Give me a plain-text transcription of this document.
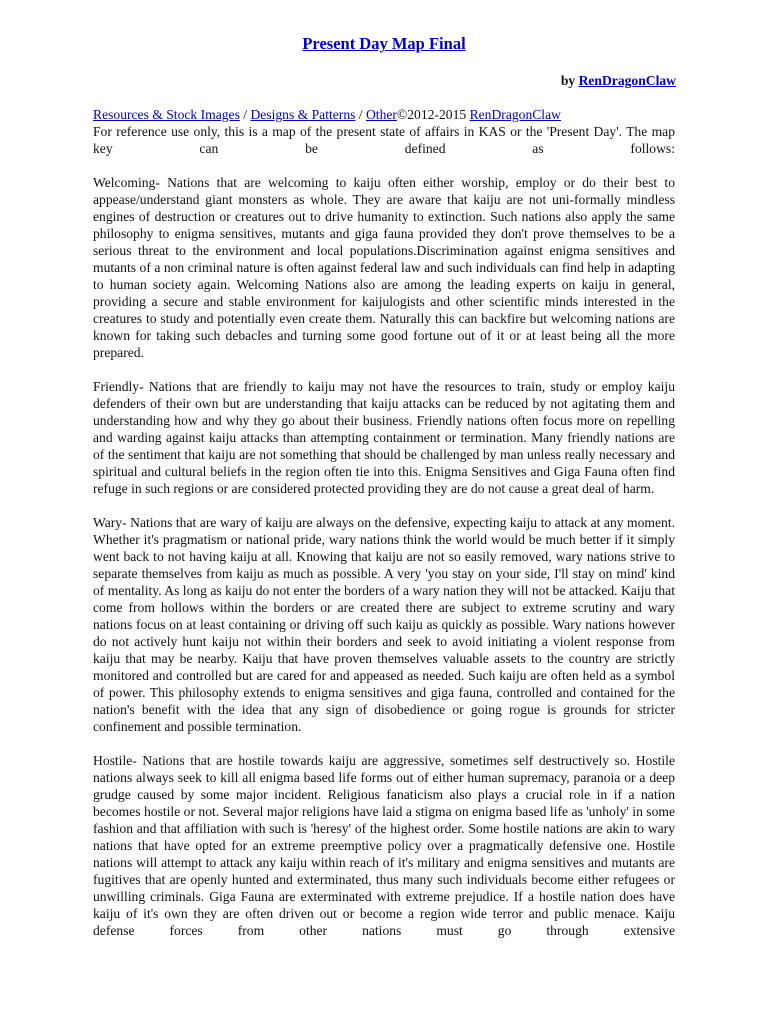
Present Day Map Final
by RenDragonClaw
Resources & Stock Images / Designs & Patterns / Other©2012-2015 RenDragonClaw

For reference use only, this is a map of the present state of affairs in KAS or the 'Present Day'. The map key can be defined as follows:

Welcoming- Nations that are welcoming to kaiju often either worship, employ or do their best to appease/understand giant monsters as whole. They are aware that kaiju are not uni-formally mindless engines of destruction or creatures out to drive humanity to extinction. Such nations also apply the same philosophy to enigma sensitives, mutants and giga fauna provided they don't prove themselves to be a serious threat to the environment and local populations.Discrimination against enigma sensitives and mutants of a non criminal nature is often against federal law and such individuals can find help in adapting to human society again. Welcoming Nations also are among the leading experts on kaiju in general, providing a secure and stable environment for kaijulogists and other scientific minds interested in the creatures to study and potentially even create them. Naturally this can backfire but welcoming nations are known for taking such debacles and turning some good fortune out of it or at least being all the more prepared.

Friendly- Nations that are friendly to kaiju may not have the resources to train, study or employ kaiju defenders of their own but are understanding that kaiju attacks can be reduced by not agitating them and understanding how and why they go about their business. Friendly nations often focus more on repelling and warding against kaiju attacks than attempting containment or termination. Many friendly nations are of the sentiment that kaiju are not something that should be challenged by man unless really necessary and spiritual and cultural beliefs in the region often tie into this. Enigma Sensitives and Giga Fauna often find refuge in such regions or are considered protected providing they are do not cause a great deal of harm.

Wary- Nations that are wary of kaiju are always on the defensive, expecting kaiju to attack at any moment. Whether it's pragmatism or national pride, wary nations think the world would be much better if it simply went back to not having kaiju at all. Knowing that kaiju are not so easily removed, wary nations strive to separate themselves from kaiju as much as possible. A very 'you stay on your side, I'll stay on mind' kind of mentality. As long as kaiju do not enter the borders of a wary nation they will not be attacked. Kaiju that come from hollows within the borders or are created there are subject to extreme scrutiny and wary nations focus on at least containing or driving off such kaiju as quickly as possible. Wary nations however do not actively hunt kaiju not within their borders and seek to avoid initiating a violent response from kaiju that may be nearby. Kaiju that have proven themselves valuable assets to the country are strictly monitored and controlled but are cared for and appeased as needed. Such kaiju are often held as a symbol of power. This philosophy extends to enigma sensitives and giga fauna, controlled and contained for the nation's benefit with the idea that any sign of disobedience or going rogue is grounds for stricter confinement and possible termination.

Hostile- Nations that are hostile towards kaiju are aggressive, sometimes self destructively so. Hostile nations always seek to kill all enigma based life forms out of either human supremacy, paranoia or a deep grudge caused by some major incident. Religious fanaticism also plays a crucial role in if a nation becomes hostile or not. Several major religions have laid a stigma on enigma based life as 'unholy' in some fashion and that affiliation with such is 'heresy' of the highest order. Some hostile nations are akin to wary nations that have opted for an extreme preemptive policy over a pragmatically defensive one. Hostile nations will attempt to attack any kaiju within reach of it's military and enigma sensitives and mutants are fugitives that are openly hunted and exterminated, thus many such individuals become either refugees or unwilling criminals. Giga Fauna are exterminated with extreme prejudice. If a hostile nation does have kaiju of it's own they are often driven out or become a region wide terror and public menace. Kaiju defense forces from other nations must go through extensive
